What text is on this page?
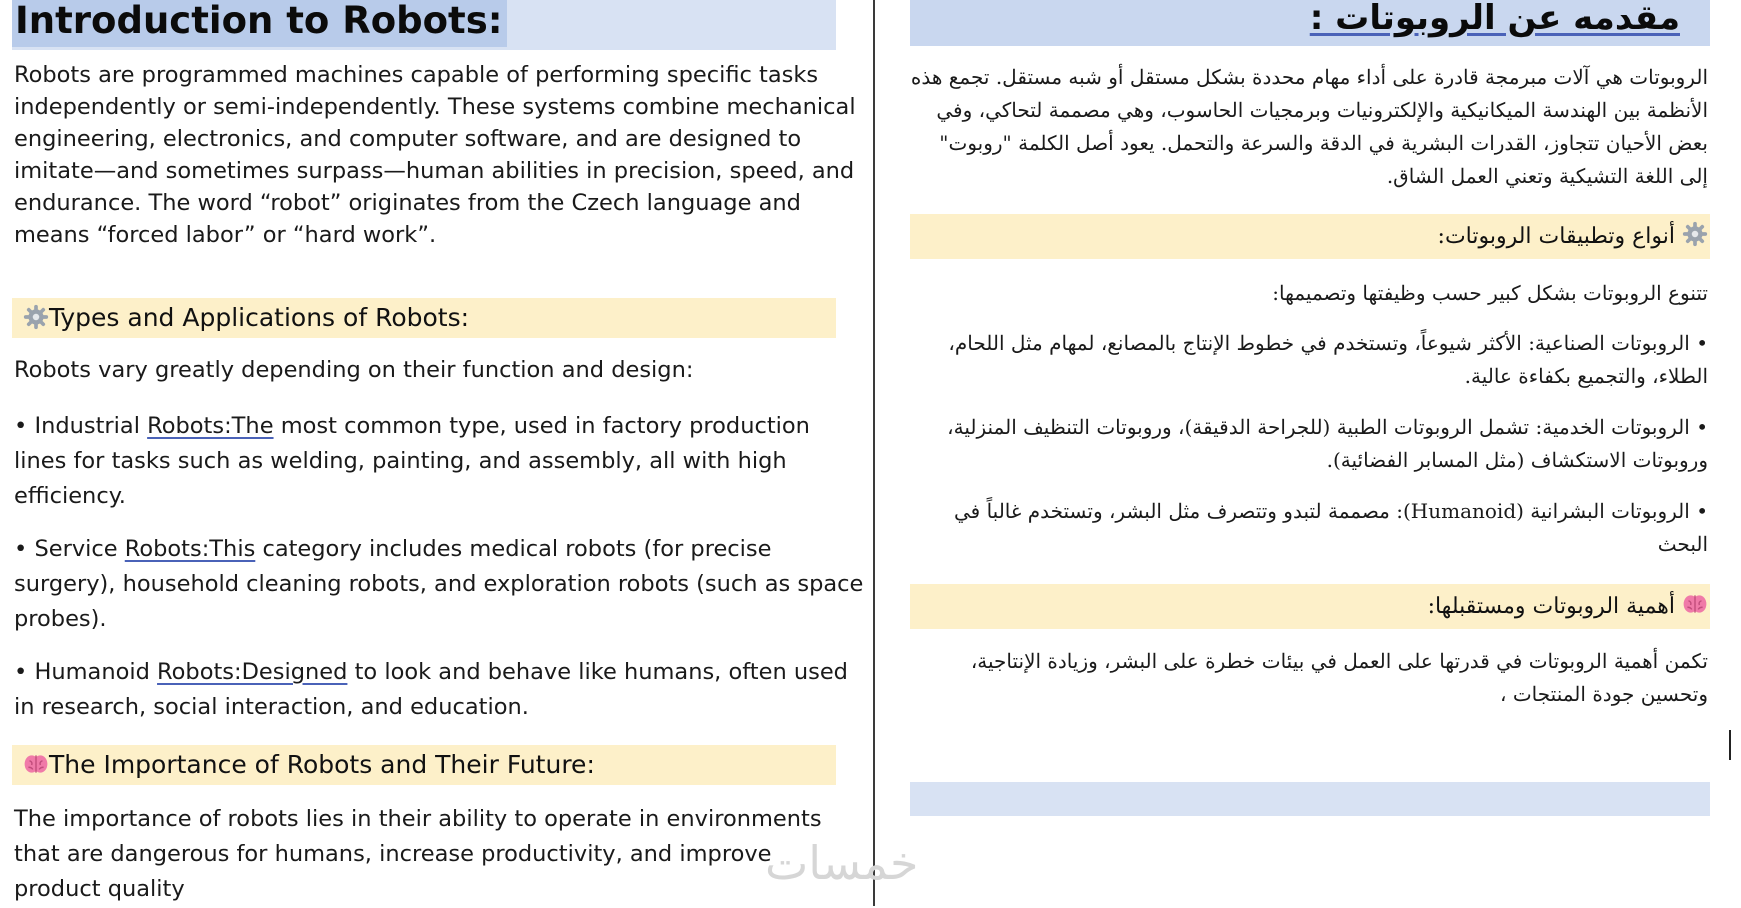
Introduction to Robots:
Robots are programmed machines capable of performing specific tasks
independently or semi-independently. These systems combine mechanical
engineering, electronics, and computer software, and are designed to
imitate—and sometimes surpass—human abilities in precision, speed, and
endurance. The word “robot” originates from the Czech language and
means “forced labor” or “hard work”.
Types and Applications of Robots:
Robots vary greatly depending on their function and design:
• Industrial Robots:The most common type, used in factory production
lines for tasks such as welding, painting, and assembly, all with high
efficiency.
• Service Robots:This category includes medical robots (for precise
surgery), household cleaning robots, and exploration robots (such as space
probes).
• Humanoid Robots:Designed to look and behave like humans, often used
in research, social interaction, and education.
The Importance of Robots and Their Future:
The importance of robots lies in their ability to operate in environments
that are dangerous for humans, increase productivity, and improve
product quality
مقدمه عن الروبوتات :
الروبوتات هي آلات مبرمجة قادرة على أداء مهام محددة بشكل مستقل أو شبه مستقل. تجمع هذه
الأنظمة بين الهندسة الميكانيكية والإلكترونيات وبرمجيات الحاسوب، وهي مصممة لتحاكي، وفي
بعض الأحيان تتجاوز، القدرات البشرية في الدقة والسرعة والتحمل. يعود أصل الكلمة "روبوت"
إلى اللغة التشيكية وتعني العمل الشاق.
أنواع وتطبيقات الروبوتات:
تتنوع الروبوتات بشكل كبير حسب وظيفتها وتصميمها:
• الروبوتات الصناعية: الأكثر شيوعاً، وتستخدم في خطوط الإنتاج بالمصانع، لمهام مثل اللحام،
الطلاء، والتجميع بكفاءة عالية.
• الروبوتات الخدمية: تشمل الروبوتات الطبية (للجراحة الدقيقة)، وروبوتات التنظيف المنزلية،
وروبوتات الاستكشاف (مثل المسابر الفضائية).
• الروبوتات البشرانية (Humanoid): مصممة لتبدو وتتصرف مثل البشر، وتستخدم غالباً في
البحث
أهمية الروبوتات ومستقبلها:
تكمن أهمية الروبوتات في قدرتها على العمل في بيئات خطرة على البشر، وزيادة الإنتاجية،
وتحسين جودة المنتجات ،
خمسات
